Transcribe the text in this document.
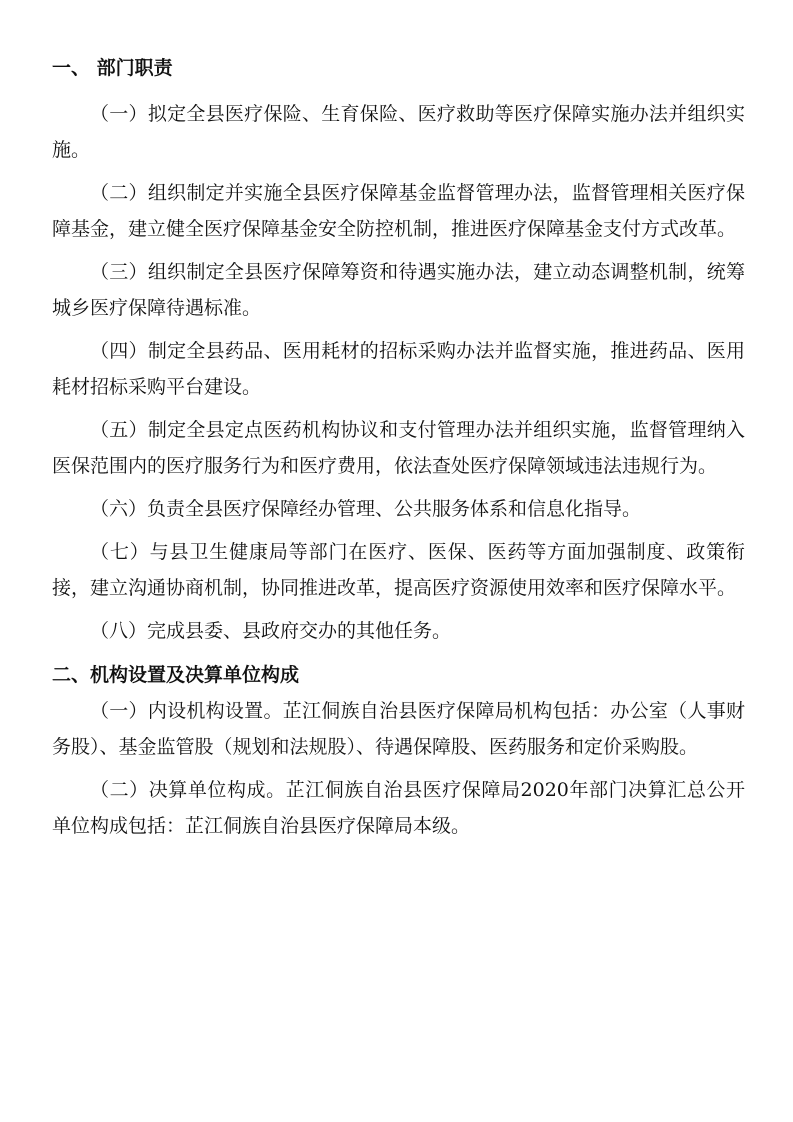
一、 部门职责

（一）拟定全县医疗保险、生育保险、医疗救助等医疗保障实施办法并组织实施。

（二）组织制定并实施全县医疗保障基金监督管理办法，监督管理相关医疗保障基金，建立健全医疗保障基金安全防控机制，推进医疗保障基金支付方式改革。

（三）组织制定全县医疗保障筹资和待遇实施办法，建立动态调整机制，统筹城乡医疗保障待遇标准。

（四）制定全县药品、医用耗材的招标采购办法并监督实施，推进药品、医用耗材招标采购平台建设。

（五）制定全县定点医药机构协议和支付管理办法并组织实施，监督管理纳入医保范围内的医疗服务行为和医疗费用，依法查处医疗保障领域违法违规行为。

（六）负责全县医疗保障经办管理、公共服务体系和信息化指导。

（七）与县卫生健康局等部门在医疗、医保、医药等方面加强制度、政策衔接，建立沟通协商机制，协同推进改革，提高医疗资源使用效率和医疗保障水平。

（八）完成县委、县政府交办的其他任务。

二、机构设置及决算单位构成

（一）内设机构设置。芷江侗族自治县医疗保障局机构包括：办公室（人事财务股）、基金监管股（规划和法规股）、待遇保障股、医药服务和定价采购股。

（二）决算单位构成。芷江侗族自治县医疗保障局2020年部门决算汇总公开单位构成包括：芷江侗族自治县医疗保障局本级。
